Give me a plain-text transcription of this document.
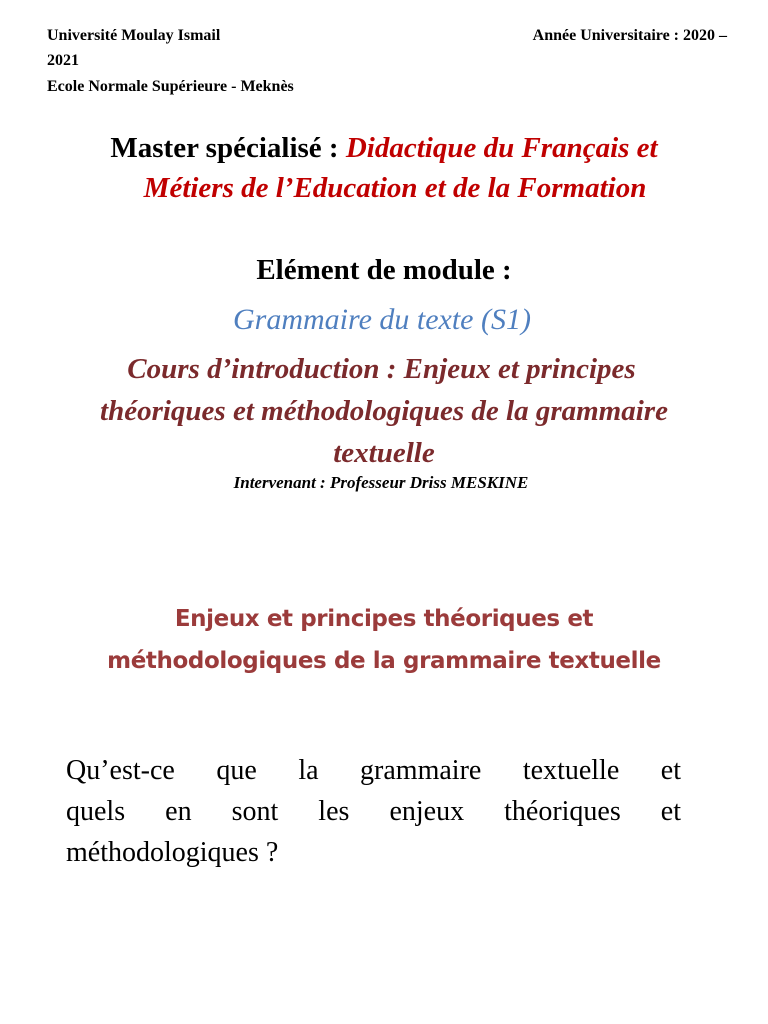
Université Moulay Ismail	Année Universitaire : 2020 –
2021
Ecole Normale Supérieure - Meknès
Master spécialisé : Didactique du Français et
Métiers de l’Education et de la Formation
Elément de module :
Grammaire du texte (S1)
Cours d’introduction : Enjeux et principes
théoriques et méthodologiques de la grammaire
textuelle
Intervenant : Professeur Driss MESKINE
Enjeux et principes théoriques et
méthodologiques de la grammaire textuelle
Qu’est-ce que la grammaire textuelle et
quels en sont les enjeux théoriques et
méthodologiques ?
